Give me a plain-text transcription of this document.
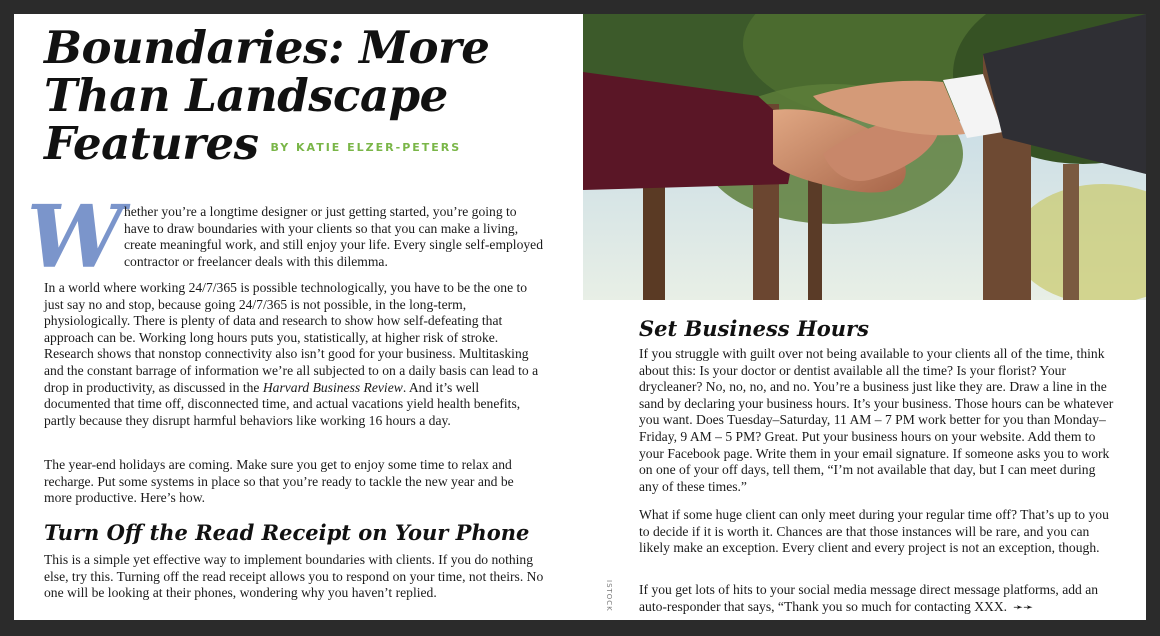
Boundaries: More Than Landscape Features BY KATIE ELZER-PETERS
W hether you’re a longtime designer or just getting started, you’re going to have to draw boundaries with your clients so that you can make a living, create meaningful work, and still enjoy your life. Every single self-employed contractor or freelancer deals with this dilemma.

In a world where working 24/7/365 is possible technologically, you have to be the one to just say no and stop, because going 24/7/365 is not possible, in the long-term, physiologically. There is plenty of data and research to show how self-defeating that approach can be. Working long hours puts you, statistically, at higher risk of stroke. Research shows that nonstop connectivity also isn’t good for your business. Multitasking and the constant barrage of information we’re all subjected to on a daily basis can lead to a drop in productivity, as discussed in the Harvard Business Review. And it’s well documented that time off, disconnected time, and actual vacations yield health benefits, partly because they disrupt harmful behaviors like working 16 hours a day.

The year-end holidays are coming. Make sure you get to enjoy some time to relax and recharge. Put some systems in place so that you’re ready to tackle the new year and be more productive. Here’s how.

Turn Off the Read Receipt on Your Phone

This is a simple yet effective way to implement boundaries with clients. If you do nothing else, try this. Turning off the read receipt allows you to respond on your time, not theirs. No one will be looking at their phones, wondering why you haven’t replied.

Set Business Hours

If you struggle with guilt over not being available to your clients all of the time, think about this: Is your doctor or dentist available all the time? Is your florist? Your drycleaner? No, no, no, and no. You’re a business just like they are. Draw a line in the sand by declaring your business hours. It’s your business. Those hours can be whatever you want. Does Tuesday–Saturday, 11 AM – 7 PM work better for you than Monday–Friday, 9 AM – 5 PM? Great. Put your business hours on your website. Add them to your Facebook page. Write them in your email signature. If someone asks you to work on one of your off days, tell them, “I’m not available that day, but I can meet during any of these times.”

What if some huge client can only meet during your regular time off? That’s up to you to decide if it is worth it. Chances are that those instances will be rare, and you can likely make an exception. Every client and every project is not an exception, though.

If you get lots of hits to your social media message direct message platforms, add an auto-responder that says, “Thank you so much for contacting XXX. ➛➛

ISTOCK
